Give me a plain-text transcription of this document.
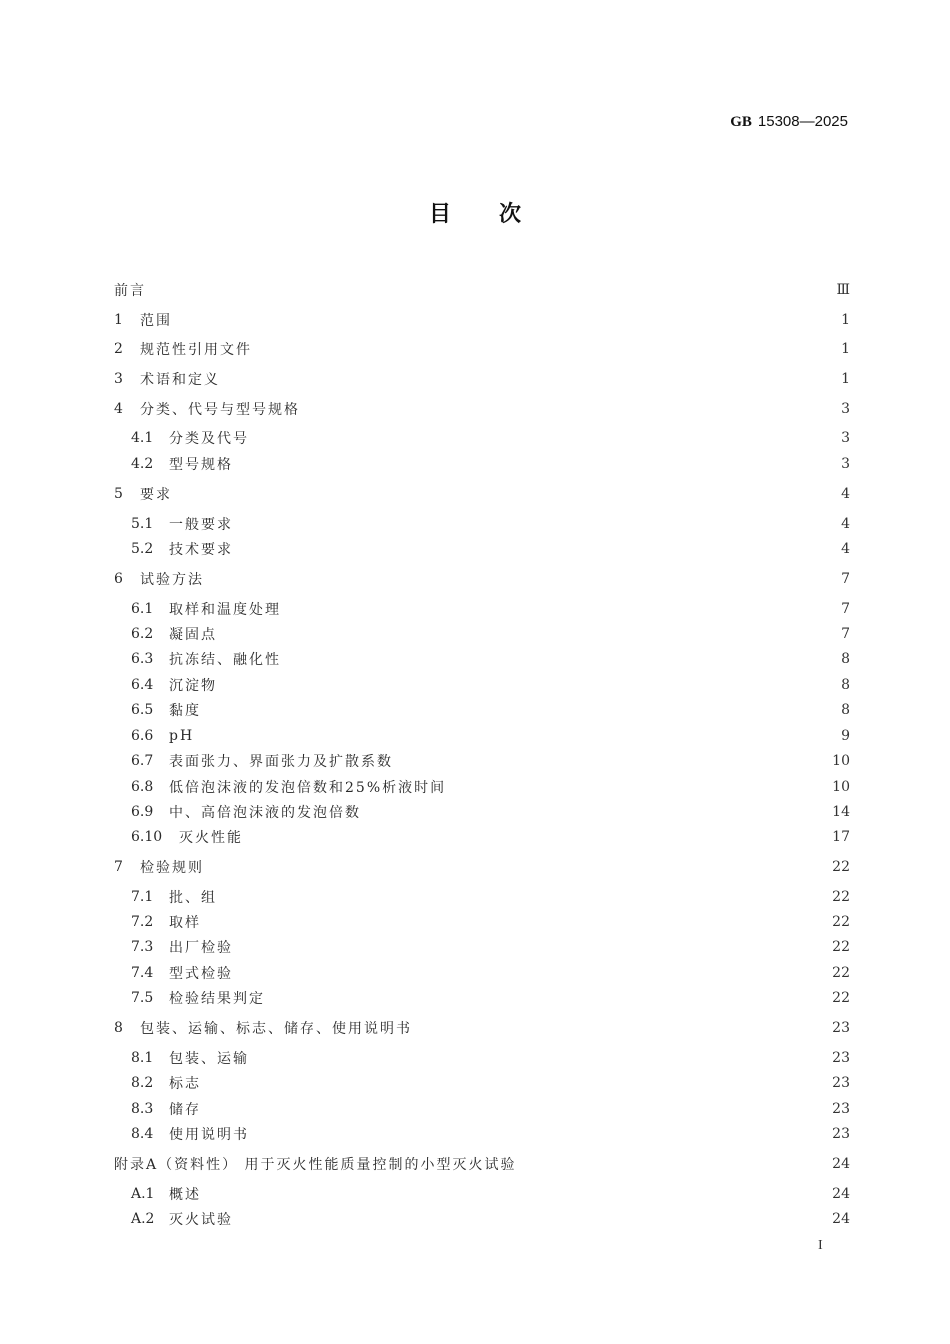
GB 15308—2025
目 次
前言	Ⅲ
1	范围	1
2	规范性引用文件	1
3	术语和定义	1
4	分类、代号与型号规格	3
4.1	分类及代号	3
4.2	型号规格	3
5	要求	4
5.1	一般要求	4
5.2	技术要求	4
6	试验方法	7
6.1	取样和温度处理	7
6.2	凝固点	7
6.3	抗冻结、融化性	8
6.4	沉淀物	8
6.5	黏度	8
6.6	pH	9
6.7	表面张力、界面张力及扩散系数	10
6.8	低倍泡沫液的发泡倍数和25%析液时间	10
6.9	中、高倍泡沫液的发泡倍数	14
6.10	灭火性能	17
7	检验规则	22
7.1	批、组	22
7.2	取样	22
7.3	出厂检验	22
7.4	型式检验	22
7.5	检验结果判定	22
8	包装、运输、标志、储存、使用说明书	23
8.1	包装、运输	23
8.2	标志	23
8.3	储存	23
8.4	使用说明书	23
附录A（资料性） 用于灭火性能质量控制的小型灭火试验	24
A.1	概述	24
A.2	灭火试验	24
I
